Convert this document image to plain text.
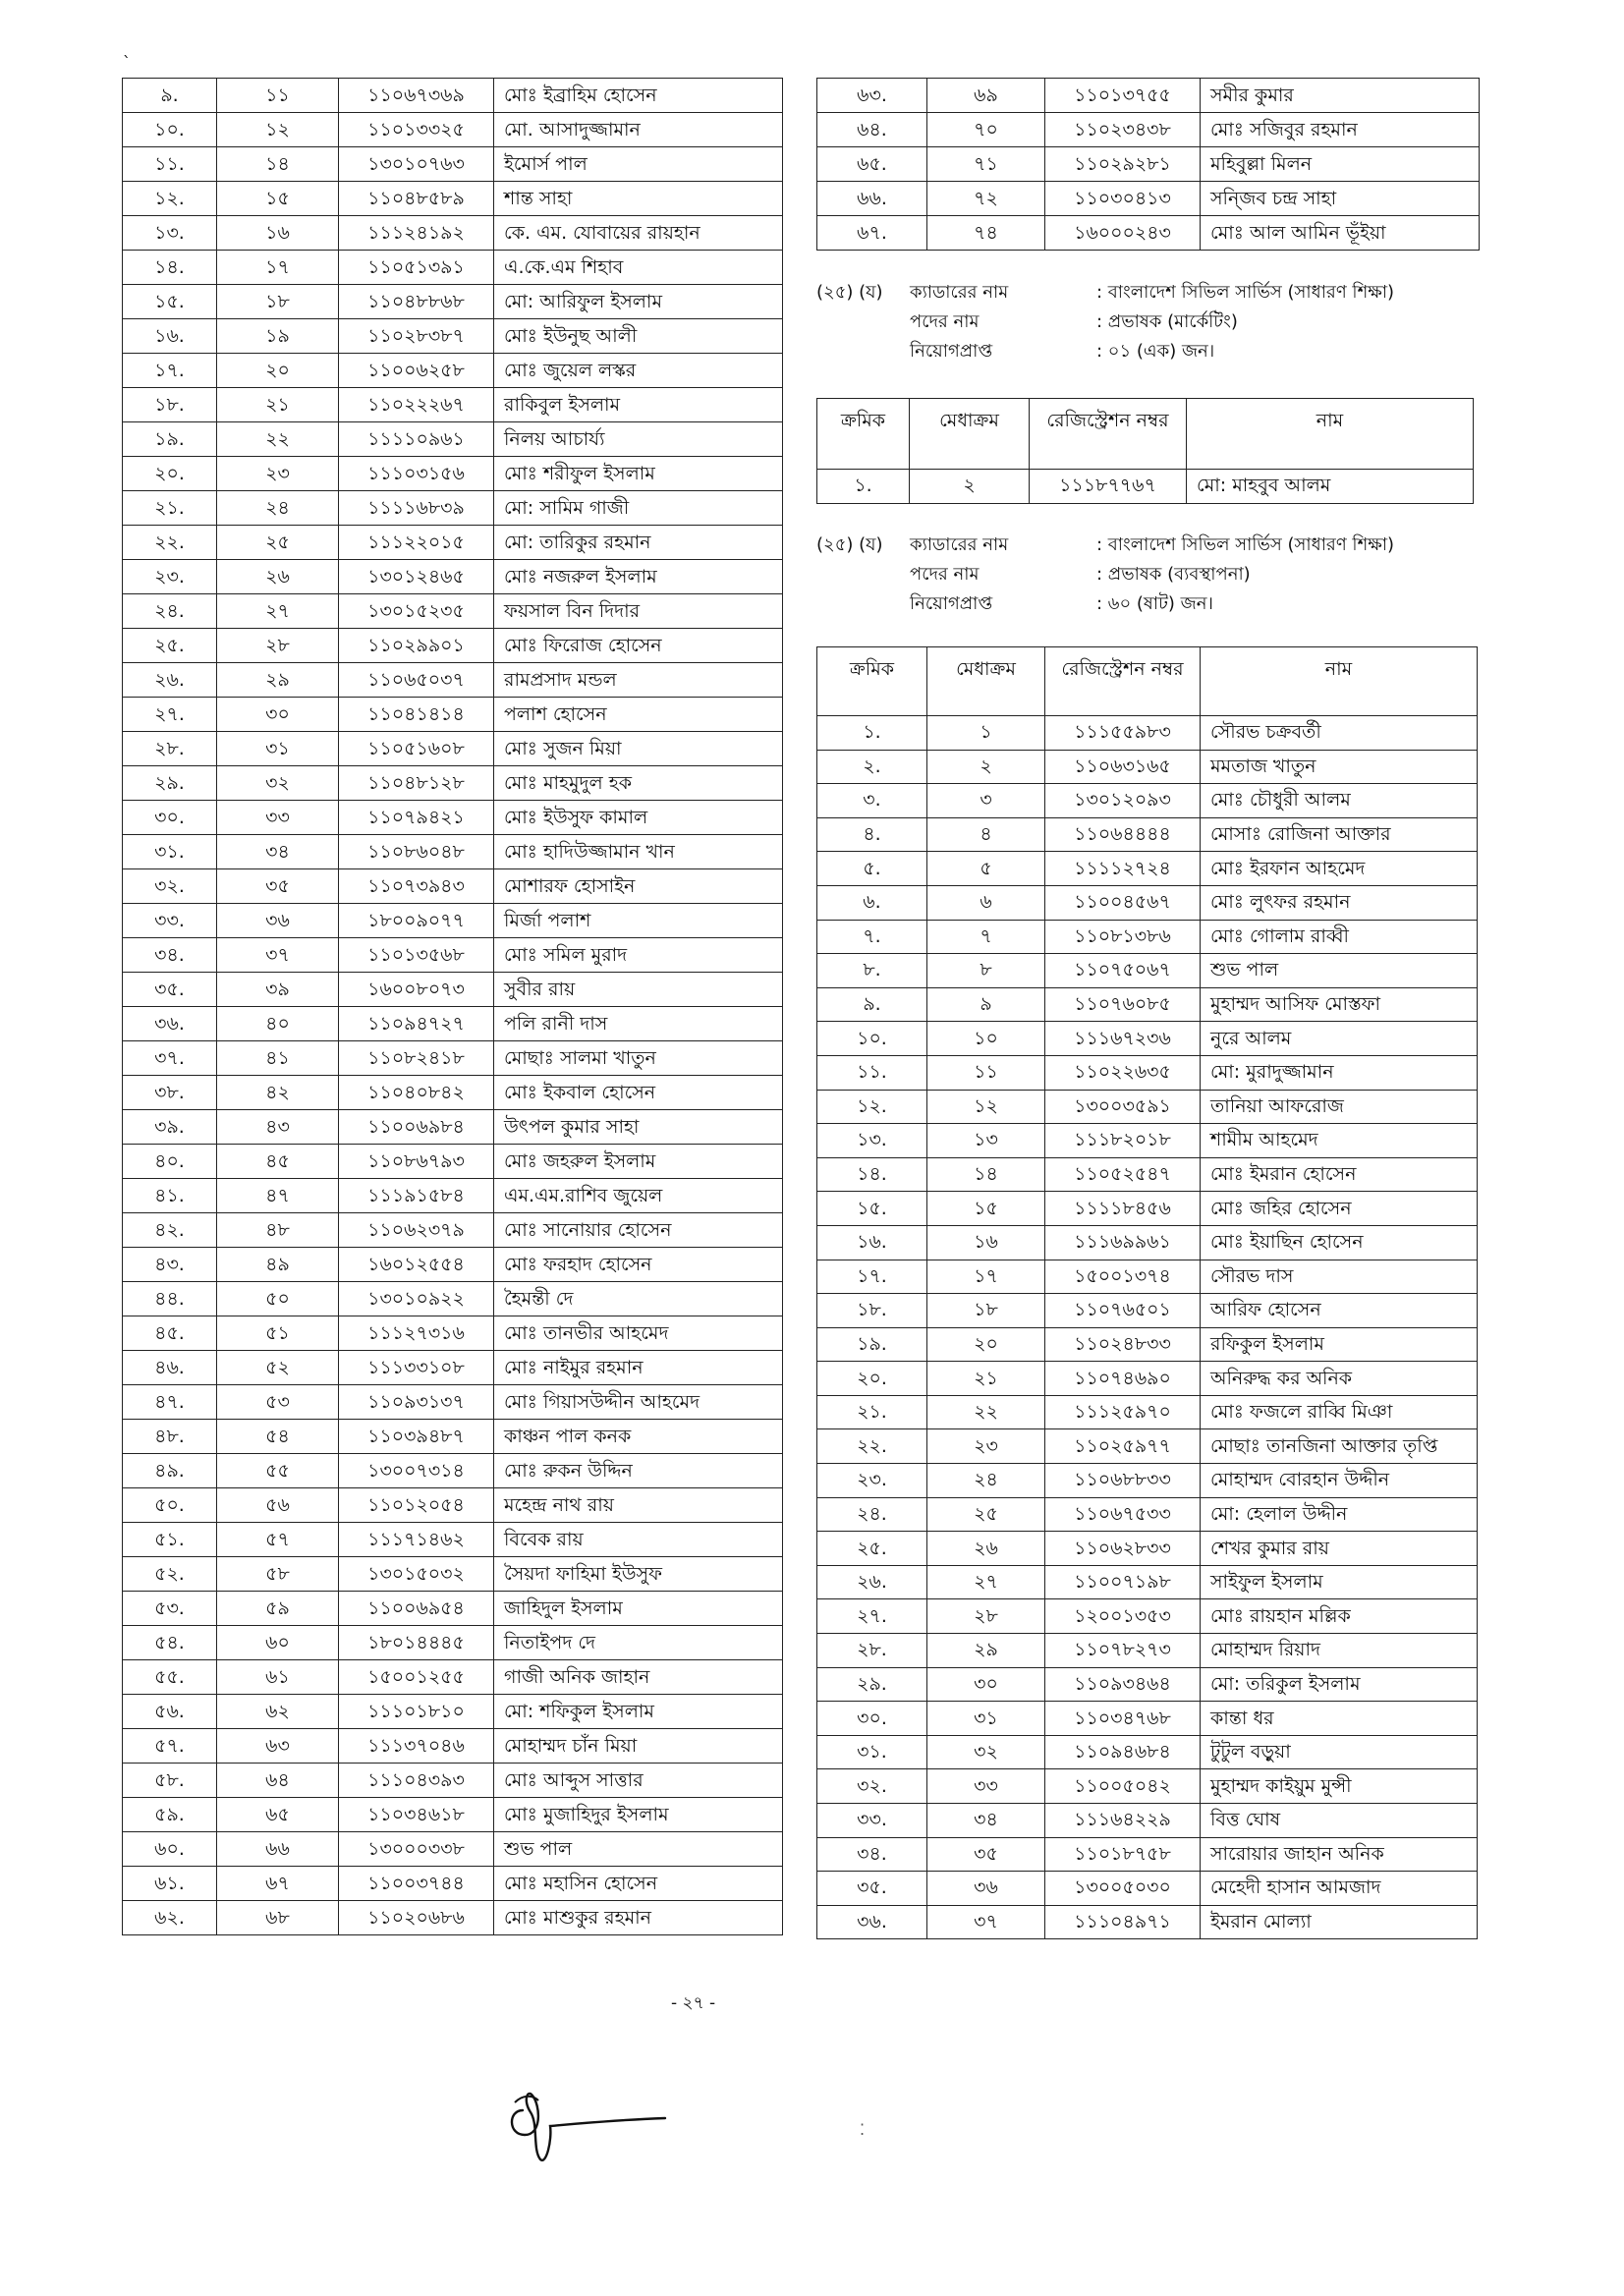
ˋ
৯.	১১	১১০৬৭৩৬৯	মোঃ ইব্রাহিম হোসেন
১০.	১২	১১০১৩৩২৫	মো. আসাদুজ্জামান
১১.	১৪	১৩০১০৭৬৩	ইমোর্স পাল
১২.	১৫	১১০৪৮৫৮৯	শান্ত সাহা
১৩.	১৬	১১১২৪১৯২	কে. এম. যোবায়ের রায়হান
১৪.	১৭	১১০৫১৩৯১	এ.কে.এম শিহাব
১৫.	১৮	১১০৪৮৮৬৮	মো: আরিফুল ইসলাম
১৬.	১৯	১১০২৮৩৮৭	মোঃ ইউনুছ আলী
১৭.	২০	১১০০৬২৫৮	মোঃ জুয়েল লস্কর
১৮.	২১	১১০২২২৬৭	রাকিবুল ইসলাম
১৯.	২২	১১১১০৯৬১	নিলয় আচার্য্য
২০.	২৩	১১১০৩১৫৬	মোঃ শরীফুল ইসলাম
২১.	২৪	১১১১৬৮৩৯	মো: সামিম গাজী
২২.	২৫	১১১২২০১৫	মো: তারিকুর রহমান
২৩.	২৬	১৩০১২৪৬৫	মোঃ নজরুল ইসলাম
২৪.	২৭	১৩০১৫২৩৫	ফয়সাল বিন দিদার
২৫.	২৮	১১০২৯৯০১	মোঃ ফিরোজ হোসেন
২৬.	২৯	১১০৬৫০৩৭	রামপ্রসাদ মন্ডল
২৭.	৩০	১১০৪১৪১৪	পলাশ হোসেন
২৮.	৩১	১১০৫১৬০৮	মোঃ সুজন মিয়া
২৯.	৩২	১১০৪৮১২৮	মোঃ মাহমুদুল হক
৩০.	৩৩	১১০৭৯৪২১	মোঃ ইউসুফ কামাল
৩১.	৩৪	১১০৮৬০৪৮	মোঃ হাদিউজ্জামান খান
৩২.	৩৫	১১০৭৩৯৪৩	মোশারফ হোসাইন
৩৩.	৩৬	১৮০০৯০৭৭	মির্জা পলাশ
৩৪.	৩৭	১১০১৩৫৬৮	মোঃ সমিল মুরাদ
৩৫.	৩৯	১৬০০৮০৭৩	সুবীর রায়
৩৬.	৪০	১১০৯৪৭২৭	পলি রানী দাস
৩৭.	৪১	১১০৮২৪১৮	মোছাঃ সালমা খাতুন
৩৮.	৪২	১১০৪০৮৪২	মোঃ ইকবাল হোসেন
৩৯.	৪৩	১১০০৬৯৮৪	উৎপল কুমার সাহা
৪০.	৪৫	১১০৮৬৭৯৩	মোঃ জহরুল ইসলাম
৪১.	৪৭	১১১৯১৫৮৪	এম.এম.রাশিব জুয়েল
৪২.	৪৮	১১০৬২৩৭৯	মোঃ সানোয়ার হোসেন
৪৩.	৪৯	১৬০১২৫৫৪	মোঃ ফরহাদ হোসেন
৪৪.	৫০	১৩০১০৯২২	হৈমন্তী দে
৪৫.	৫১	১১১২৭৩১৬	মোঃ তানভীর আহমেদ
৪৬.	৫২	১১১৩৩১০৮	মোঃ নাইমুর রহমান
৪৭.	৫৩	১১০৯৩১৩৭	মোঃ গিয়াসউদ্দীন আহমেদ
৪৮.	৫৪	১১০৩৯৪৮৭	কাঞ্চন পাল কনক
৪৯.	৫৫	১৩০০৭৩১৪	মোঃ রুকন উদ্দিন
৫০.	৫৬	১১০১২০৫৪	মহেন্দ্র নাথ রায়
৫১.	৫৭	১১১৭১৪৬২	বিবেক রায়
৫২.	৫৮	১৩০১৫০৩২	সৈয়দা ফাহিমা ইউসুফ
৫৩.	৫৯	১১০০৬৯৫৪	জাহিদুল ইসলাম
৫৪.	৬০	১৮০১৪৪৪৫	নিতাইপদ দে
৫৫.	৬১	১৫০০১২৫৫	গাজী অনিক জাহান
৫৬.	৬২	১১১০১৮১০	মো: শফিকুল ইসলাম
৫৭.	৬৩	১১১৩৭০৪৬	মোহাম্মদ চাঁন মিয়া
৫৮.	৬৪	১১১০৪৩৯৩	মোঃ আব্দুস সাত্তার
৫৯.	৬৫	১১০৩৪৬১৮	মোঃ মুজাহিদুর ইসলাম
৬০.	৬৬	১৩০০০৩৩৮	শুভ পাল
৬১.	৬৭	১১০০৩৭৪৪	মোঃ মহাসিন হোসেন
৬২.	৬৮	১১০২০৬৮৬	মোঃ মাশুকুর রহমান
৬৩.	৬৯	১১০১৩৭৫৫	সমীর কুমার
৬৪.	৭০	১১০২৩৪৩৮	মোঃ সজিবুর রহমান
৬৫.	৭১	১১০২৯২৮১	মহিবুল্লা মিলন
৬৬.	৭২	১১০৩০৪১৩	সন্জিব চন্দ্র সাহা
৬৭.	৭৪	১৬০০০২৪৩	মোঃ আল আমিন ভূঁইয়া
(২৫) (য)	ক্যাডারের নাম	: বাংলাদেশ সিভিল সার্ভিস (সাধারণ শিক্ষা)
পদের নাম	: প্রভাষক (মার্কেটিং)
নিয়োগপ্রাপ্ত	: ০১ (এক) জন।
ক্রমিক	মেধাক্রম	রেজিস্ট্রেশন নম্বর	নাম
১.	২	১১১৮৭৭৬৭	মো: মাহবুব আলম
(২৫) (য)	ক্যাডারের নাম	: বাংলাদেশ সিভিল সার্ভিস (সাধারণ শিক্ষা)
পদের নাম	: প্রভাষক (ব্যবস্থাপনা)
নিয়োগপ্রাপ্ত	: ৬০ (ষাট) জন।
ক্রমিক	মেধাক্রম	রেজিস্ট্রেশন নম্বর	নাম
১.	১	১১১৫৫৯৮৩	সৌরভ চক্রবর্তী
২.	২	১১০৬৩১৬৫	মমতাজ খাতুন
৩.	৩	১৩০১২০৯৩	মোঃ চৌধুরী আলম
৪.	৪	১১০৬৪৪৪৪	মোসাঃ রোজিনা আক্তার
৫.	৫	১১১১২৭২৪	মোঃ ইরফান আহমেদ
৬.	৬	১১০০৪৫৬৭	মোঃ লুৎফর রহমান
৭.	৭	১১০৮১৩৮৬	মোঃ গোলাম রাব্বী
৮.	৮	১১০৭৫০৬৭	শুভ পাল
৯.	৯	১১০৭৬০৮৫	মুহাম্মদ আসিফ মোস্তফা
১০.	১০	১১১৬৭২৩৬	নুরে আলম
১১.	১১	১১০২২৬৩৫	মো: মুরাদুজ্জামান
১২.	১২	১৩০০৩৫৯১	তানিয়া আফরোজ
১৩.	১৩	১১১৮২০১৮	শামীম আহমেদ
১৪.	১৪	১১০৫২৫৪৭	মোঃ ইমরান হোসেন
১৫.	১৫	১১১১৮৪৫৬	মোঃ জহির হোসেন
১৬.	১৬	১১১৬৯৯৬১	মোঃ ইয়াছিন হোসেন
১৭.	১৭	১৫০০১৩৭৪	সৌরভ দাস
১৮.	১৮	১১০৭৬৫০১	আরিফ হোসেন
১৯.	২০	১১০২৪৮৩৩	রফিকুল ইসলাম
২০.	২১	১১০৭৪৬৯০	অনিরুদ্ধ কর অনিক
২১.	২২	১১১২৫৯৭০	মোঃ ফজলে রাব্বি মিঞা
২২.	২৩	১১০২৫৯৭৭	মোছাঃ তানজিনা আক্তার তৃপ্তি
২৩.	২৪	১১০৬৮৮৩৩	মোহাম্মদ বোরহান উদ্দীন
২৪.	২৫	১১০৬৭৫৩৩	মো: হেলাল উদ্দীন
২৫.	২৬	১১০৬২৮৩৩	শেখর কুমার রায়
২৬.	২৭	১১০০৭১৯৮	সাইফুল ইসলাম
২৭.	২৮	১২০০১৩৫৩	মোঃ রায়হান মল্লিক
২৮.	২৯	১১০৭৮২৭৩	মোহাম্মদ রিয়াদ
২৯.	৩০	১১০৯৩৪৬৪	মো: তরিকুল ইসলাম
৩০.	৩১	১১০৩৪৭৬৮	কান্তা ধর
৩১.	৩২	১১০৯৪৬৮৪	টুটুল বড়ুয়া
৩২.	৩৩	১১০০৫০৪২	মুহাম্মদ কাইয়ুম মুন্সী
৩৩.	৩৪	১১১৬৪২২৯	বিত্ত ঘোষ
৩৪.	৩৫	১১০১৮৭৫৮	সারোয়ার জাহান অনিক
৩৫.	৩৬	১৩০০৫০৩০	মেহেদী হাসান আমজাদ
৩৬.	৩৭	১১১০৪৯৭১	ইমরান মোল্যা
- ২৭ -
⁚
